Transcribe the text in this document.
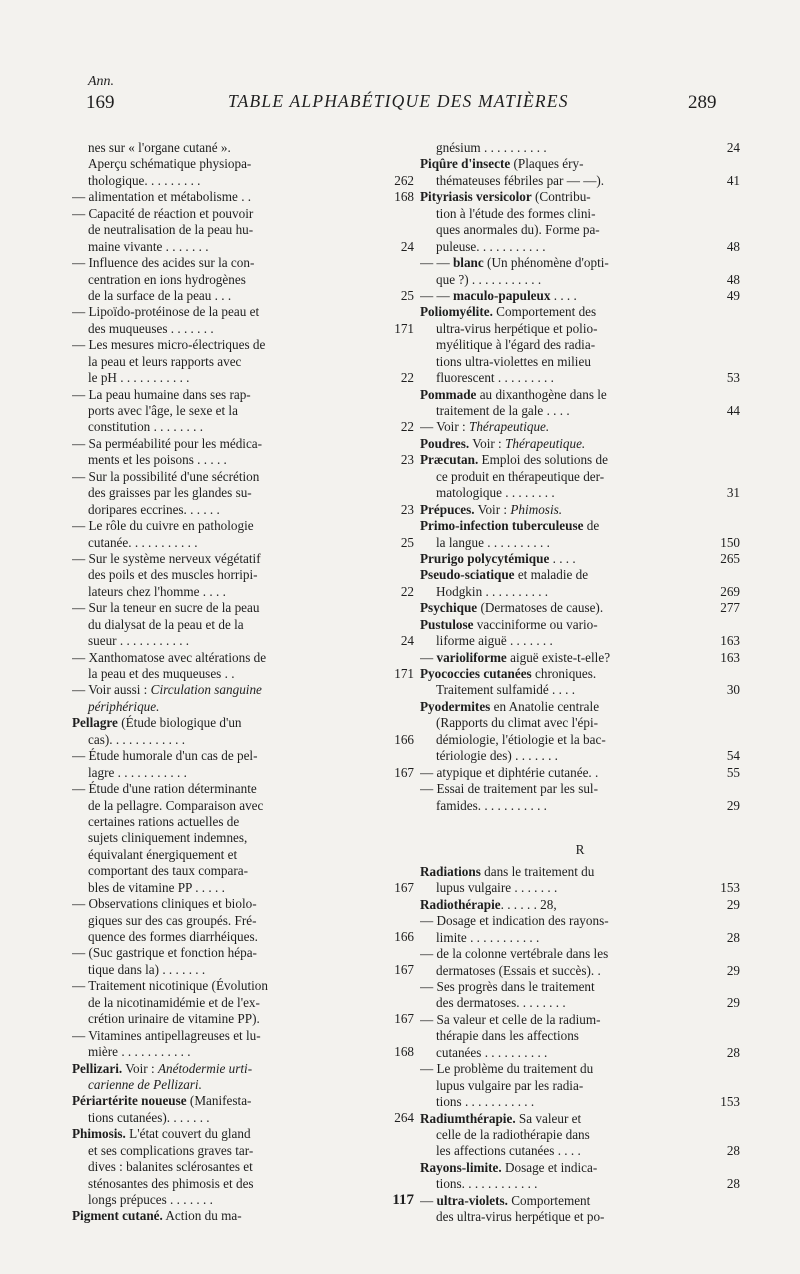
Ann.
169	TABLE ALPHABÉTIQUE DES MATIÈRES	289
nes sur « l'organe cutané ».
Aperçu schématique physiopa-
thologique. . . . . . . . .	262
— alimentation et métabolisme . .	168
— Capacité de réaction et pouvoir
de neutralisation de la peau hu-
maine vivante . . . . . . .	24
— Influence des acides sur la con-
centration en ions hydrogènes
de la surface de la peau . . .	25
— Lipoïdo-protéinose de la peau et
des muqueuses . . . . . . .	171
— Les mesures micro-électriques de
la peau et leurs rapports avec
le pH . . . . . . . . . . .	22
— La peau humaine dans ses rap-
ports avec l'âge, le sexe et la
constitution . . . . . . . .	22
— Sa perméabilité pour les médica-
ments et les poisons . . . . .	23
— Sur la possibilité d'une sécrétion
des graisses par les glandes su-
doripares eccrines. . . . . .	23
— Le rôle du cuivre en pathologie
cutanée. . . . . . . . . . .	25
— Sur le système nerveux végétatif
des poils et des muscles horripi-
lateurs chez l'homme . . . .	22
— Sur la teneur en sucre de la peau
du dialysat de la peau et de la
sueur . . . . . . . . . . .	24
— Xanthomatose avec altérations de
la peau et des muqueuses . .	171
— Voir aussi : Circulation sanguine
périphérique.
Pellagre (Étude biologique d'un
cas). . . . . . . . . . . .	166
— Étude humorale d'un cas de pel-
lagre . . . . . . . . . . .	167
— Étude d'une ration déterminante
de la pellagre. Comparaison avec
certaines rations actuelles de
sujets cliniquement indemnes,
équivalant énergiquement et
comportant des taux compara-
bles de vitamine PP . . . . .	167
— Observations cliniques et biolo-
giques sur des cas groupés. Fré-
quence des formes diarrhéiques.	166
— (Suc gastrique et fonction hépa-
tique dans la) . . . . . . .	167
— Traitement nicotinique (Évolution
de la nicotinamidémie et de l'ex-
crétion urinaire de vitamine PP).	167
— Vitamines antipellagreuses et lu-
mière . . . . . . . . . . .	168
Pellizari. Voir : Anétodermie urti-
carienne de Pellizari.
Périartérite noueuse (Manifesta-
tions cutanées). . . . . . .	264
Phimosis. L'état couvert du gland
et ses complications graves tar-
dives : balanites sclérosantes et
sténosantes des phimosis et des
longs prépuces . . . . . . .	117
Pigment cutané. Action du ma-
gnésium . . . . . . . . . .	24
Piqûre d'insecte (Plaques éry-
thémateuses fébriles par — —).	41
Pityriasis versicolor (Contribu-
tion à l'étude des formes clini-
ques anormales du). Forme pa-
puleuse. . . . . . . . . . .	48
— — blanc (Un phénomène d'opti-
que ?) . . . . . . . . . . .	48
— — maculo-papuleux . . . .	49
Poliomyélite. Comportement des
ultra-virus herpétique et polio-
myélitique à l'égard des radia-
tions ultra-violettes en milieu
fluorescent . . . . . . . . .	53
Pommade au dixanthogène dans le
traitement de la gale . . . .	44
— Voir : Thérapeutique.
Poudres. Voir : Thérapeutique.
Præcutan. Emploi des solutions de
ce produit en thérapeutique der-
matologique . . . . . . . .	31
Prépuces. Voir : Phimosis.
Primo-infection tuberculeuse de
la langue . . . . . . . . . .	150
Prurigo polycytémique . . . .	265
Pseudo-sciatique et maladie de
Hodgkin . . . . . . . . . .	269
Psychique (Dermatoses de cause).	277
Pustulose vacciniforme ou vario-
liforme aiguë . . . . . . .	163
— varioliforme aiguë existe-t-elle?	163
Pyococcies cutanées chroniques.
Traitement sulfamidé . . . .	30
Pyodermites en Anatolie centrale
(Rapports du climat avec l'épi-
démiologie, l'étiologie et la bac-
tériologie des) . . . . . . .	54
— atypique et diphtérie cutanée. .	55
— Essai de traitement par les sul-
famides. . . . . . . . . . .	29
R
Radiations dans le traitement du
lupus vulgaire . . . . . . .	153
Radiothérapie. . . . . . 28,	29
— Dosage et indication des rayons-
limite . . . . . . . . . . .	28
— de la colonne vertébrale dans les
dermatoses (Essais et succès). .	29
— Ses progrès dans le traitement
des dermatoses. . . . . . . .	29
— Sa valeur et celle de la radium-
thérapie dans les affections
cutanées . . . . . . . . . .	28
— Le problème du traitement du
lupus vulgaire par les radia-
tions . . . . . . . . . . .	153
Radiumthérapie. Sa valeur et
celle de la radiothérapie dans
les affections cutanées . . . .	28
Rayons-limite. Dosage et indica-
tions. . . . . . . . . . . .	28
— ultra-violets. Comportement
des ultra-virus herpétique et po-
